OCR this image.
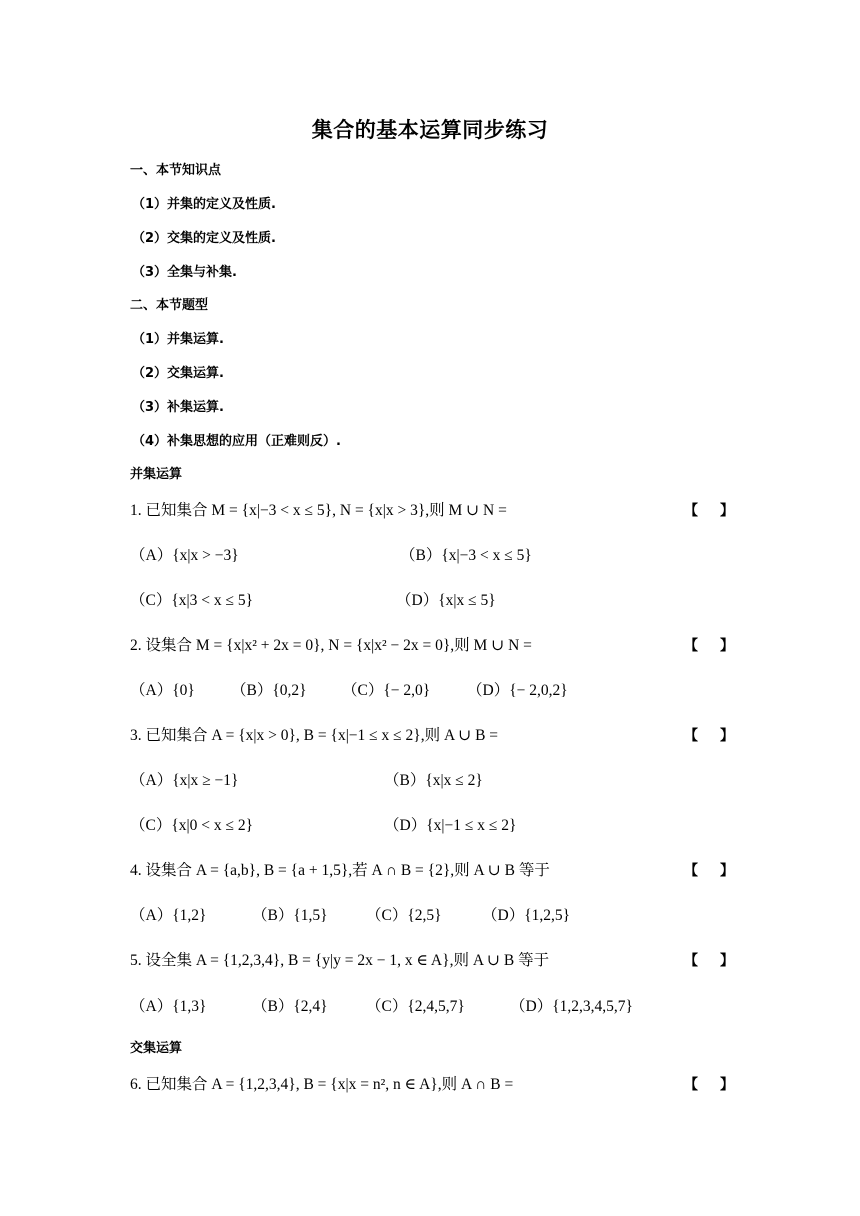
集合的基本运算同步练习
一、本节知识点
（1）并集的定义及性质.
（2）交集的定义及性质.
（3）全集与补集.
二、本节题型
（1）并集运算.
（2）交集运算.
（3）补集运算.
（4）补集思想的应用（正难则反）.
并集运算
1. 已知集合 M = {x|−3 < x ≤ 5}, N = {x|x > 3},则 M ∪ N =	【 】
（A）{x|x > −3}	（B）{x|−3 < x ≤ 5}
（C）{x|3 < x ≤ 5}	（D）{x|x ≤ 5}
2. 设集合 M = {x|x² + 2x = 0}, N = {x|x² − 2x = 0},则 M ∪ N =	【 】
（A）{0} （B）{0,2} （C）{− 2,0} （D）{− 2,0,2}
3. 已知集合 A = {x|x > 0}, B = {x|−1 ≤ x ≤ 2},则 A ∪ B =	【 】
（A）{x|x ≥ −1}	（B）{x|x ≤ 2}
（C）{x|0 < x ≤ 2}	（D）{x|−1 ≤ x ≤ 2}
4. 设集合 A = {a,b}, B = {a + 1,5},若 A ∩ B = {2},则 A ∪ B 等于	【 】
（A）{1,2}	（B）{1,5} （C）{2,5}	（D）{1,2,5}
5. 设全集 A = {1,2,3,4}, B = {y|y = 2x − 1, x ∈ A},则 A ∪ B 等于	【 】
（A）{1,3}	（B）{2,4} （C）{2,4,5,7}	（D）{1,2,3,4,5,7}
交集运算
6. 已知集合 A = {1,2,3,4}, B = {x|x = n², n ∈ A},则 A ∩ B =	【 】
